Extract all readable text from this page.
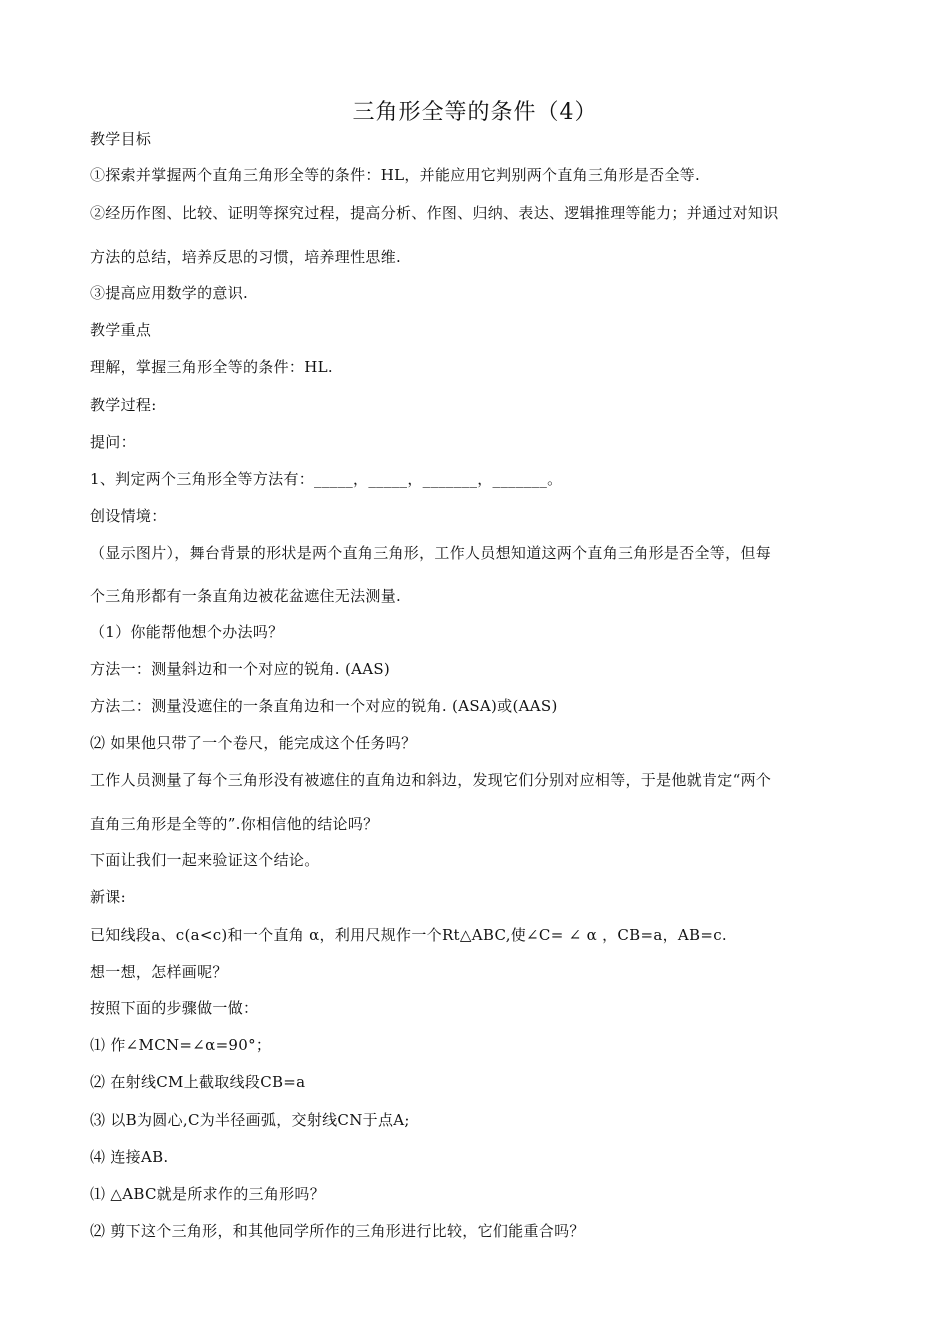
三角形全等的条件（4）
教学目标
①探索并掌握两个直角三角形全等的条件：HL，并能应用它判别两个直角三角形是否全等.
②经历作图、比较、证明等探究过程，提高分析、作图、归纳、表达、逻辑推理等能力；并通过对知识
方法的总结，培养反思的习惯，培养理性思维.
③提高应用数学的意识.
教学重点
理解，掌握三角形全等的条件：HL.
教学过程:
提问：
1、判定两个三角形全等方法有：_____，_____，_______，_______。
创设情境：
（显示图片），舞台背景的形状是两个直角三角形，工作人员想知道这两个直角三角形是否全等，但每
个三角形都有一条直角边被花盆遮住无法测量.
（1）你能帮他想个办法吗？
方法一：测量斜边和一个对应的锐角. (AAS)
方法二：测量没遮住的一条直角边和一个对应的锐角. (ASA)或(AAS)
⑵ 如果他只带了一个卷尺，能完成这个任务吗？
工作人员测量了每个三角形没有被遮住的直角边和斜边，发现它们分别对应相等，于是他就肯定“两个
直角三角形是全等的”.你相信他的结论吗？
下面让我们一起来验证这个结论。
新课:
已知线段a、c(a<c)和一个直角 α，利用尺规作一个Rt△ABC,使∠C= ∠ α ，CB=a，AB=c.
想一想，怎样画呢？
按照下面的步骤做一做：
⑴ 作∠MCN=∠α=90°；
⑵ 在射线CM上截取线段CB=a
⑶ 以B为圆心,C为半径画弧，交射线CN于点A;
⑷ 连接AB.
⑴ △ABC就是所求作的三角形吗？
⑵ 剪下这个三角形，和其他同学所作的三角形进行比较，它们能重合吗？
